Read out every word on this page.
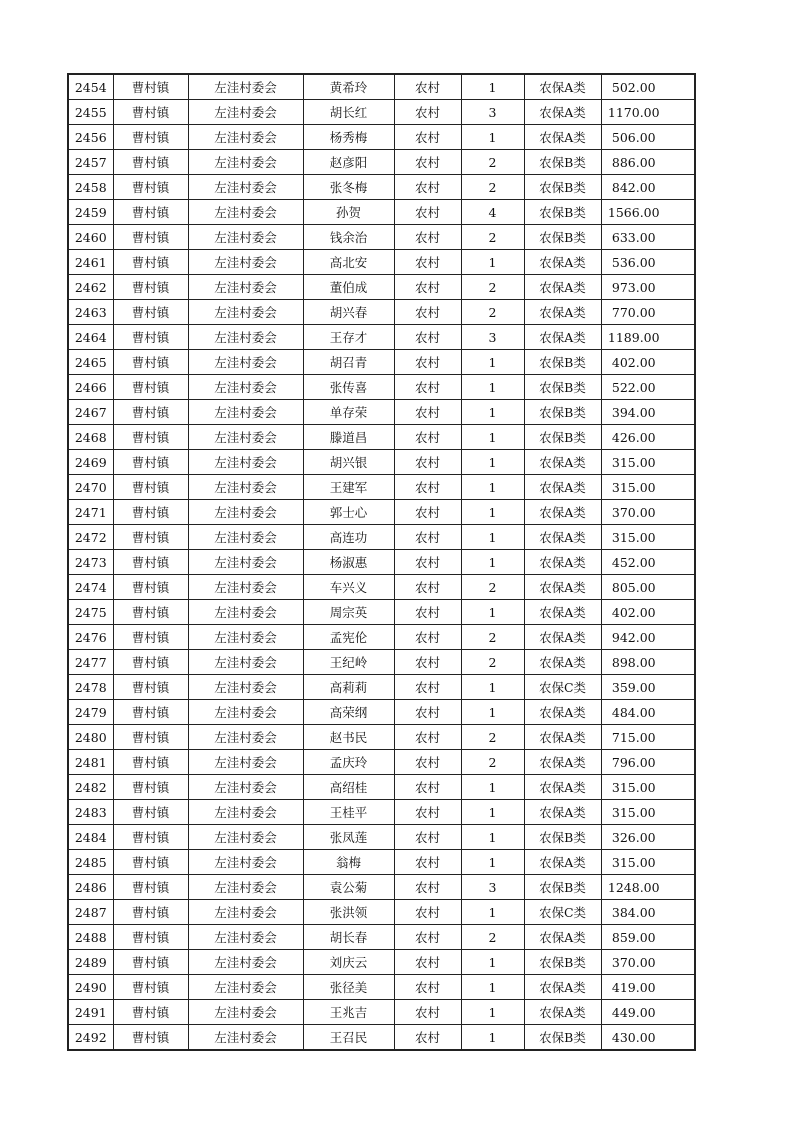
2454	曹村镇	左洼村委会	黄希玲	农村	1	农保A类	502.00
2455	曹村镇	左洼村委会	胡长红	农村	3	农保A类	1170.00
2456	曹村镇	左洼村委会	杨秀梅	农村	1	农保A类	506.00
2457	曹村镇	左洼村委会	赵彦阳	农村	2	农保B类	886.00
2458	曹村镇	左洼村委会	张冬梅	农村	2	农保B类	842.00
2459	曹村镇	左洼村委会	孙贺	农村	4	农保B类	1566.00
2460	曹村镇	左洼村委会	钱余治	农村	2	农保B类	633.00
2461	曹村镇	左洼村委会	高北安	农村	1	农保A类	536.00
2462	曹村镇	左洼村委会	董伯成	农村	2	农保A类	973.00
2463	曹村镇	左洼村委会	胡兴春	农村	2	农保A类	770.00
2464	曹村镇	左洼村委会	王存才	农村	3	农保A类	1189.00
2465	曹村镇	左洼村委会	胡召青	农村	1	农保B类	402.00
2466	曹村镇	左洼村委会	张传喜	农村	1	农保B类	522.00
2467	曹村镇	左洼村委会	单存荣	农村	1	农保B类	394.00
2468	曹村镇	左洼村委会	滕道昌	农村	1	农保B类	426.00
2469	曹村镇	左洼村委会	胡兴银	农村	1	农保A类	315.00
2470	曹村镇	左洼村委会	王建军	农村	1	农保A类	315.00
2471	曹村镇	左洼村委会	郭士心	农村	1	农保A类	370.00
2472	曹村镇	左洼村委会	高连功	农村	1	农保A类	315.00
2473	曹村镇	左洼村委会	杨淑惠	农村	1	农保A类	452.00
2474	曹村镇	左洼村委会	车兴义	农村	2	农保A类	805.00
2475	曹村镇	左洼村委会	周宗英	农村	1	农保A类	402.00
2476	曹村镇	左洼村委会	孟宪伦	农村	2	农保A类	942.00
2477	曹村镇	左洼村委会	王纪岭	农村	2	农保A类	898.00
2478	曹村镇	左洼村委会	高莉莉	农村	1	农保C类	359.00
2479	曹村镇	左洼村委会	高荣纲	农村	1	农保A类	484.00
2480	曹村镇	左洼村委会	赵书民	农村	2	农保A类	715.00
2481	曹村镇	左洼村委会	孟庆玲	农村	2	农保A类	796.00
2482	曹村镇	左洼村委会	高绍桂	农村	1	农保A类	315.00
2483	曹村镇	左洼村委会	王桂平	农村	1	农保A类	315.00
2484	曹村镇	左洼村委会	张凤莲	农村	1	农保B类	326.00
2485	曹村镇	左洼村委会	翁梅	农村	1	农保A类	315.00
2486	曹村镇	左洼村委会	袁公菊	农村	3	农保B类	1248.00
2487	曹村镇	左洼村委会	张洪领	农村	1	农保C类	384.00
2488	曹村镇	左洼村委会	胡长春	农村	2	农保A类	859.00
2489	曹村镇	左洼村委会	刘庆云	农村	1	农保B类	370.00
2490	曹村镇	左洼村委会	张径美	农村	1	农保A类	419.00
2491	曹村镇	左洼村委会	王兆吉	农村	1	农保A类	449.00
2492	曹村镇	左洼村委会	王召民	农村	1	农保B类	430.00
